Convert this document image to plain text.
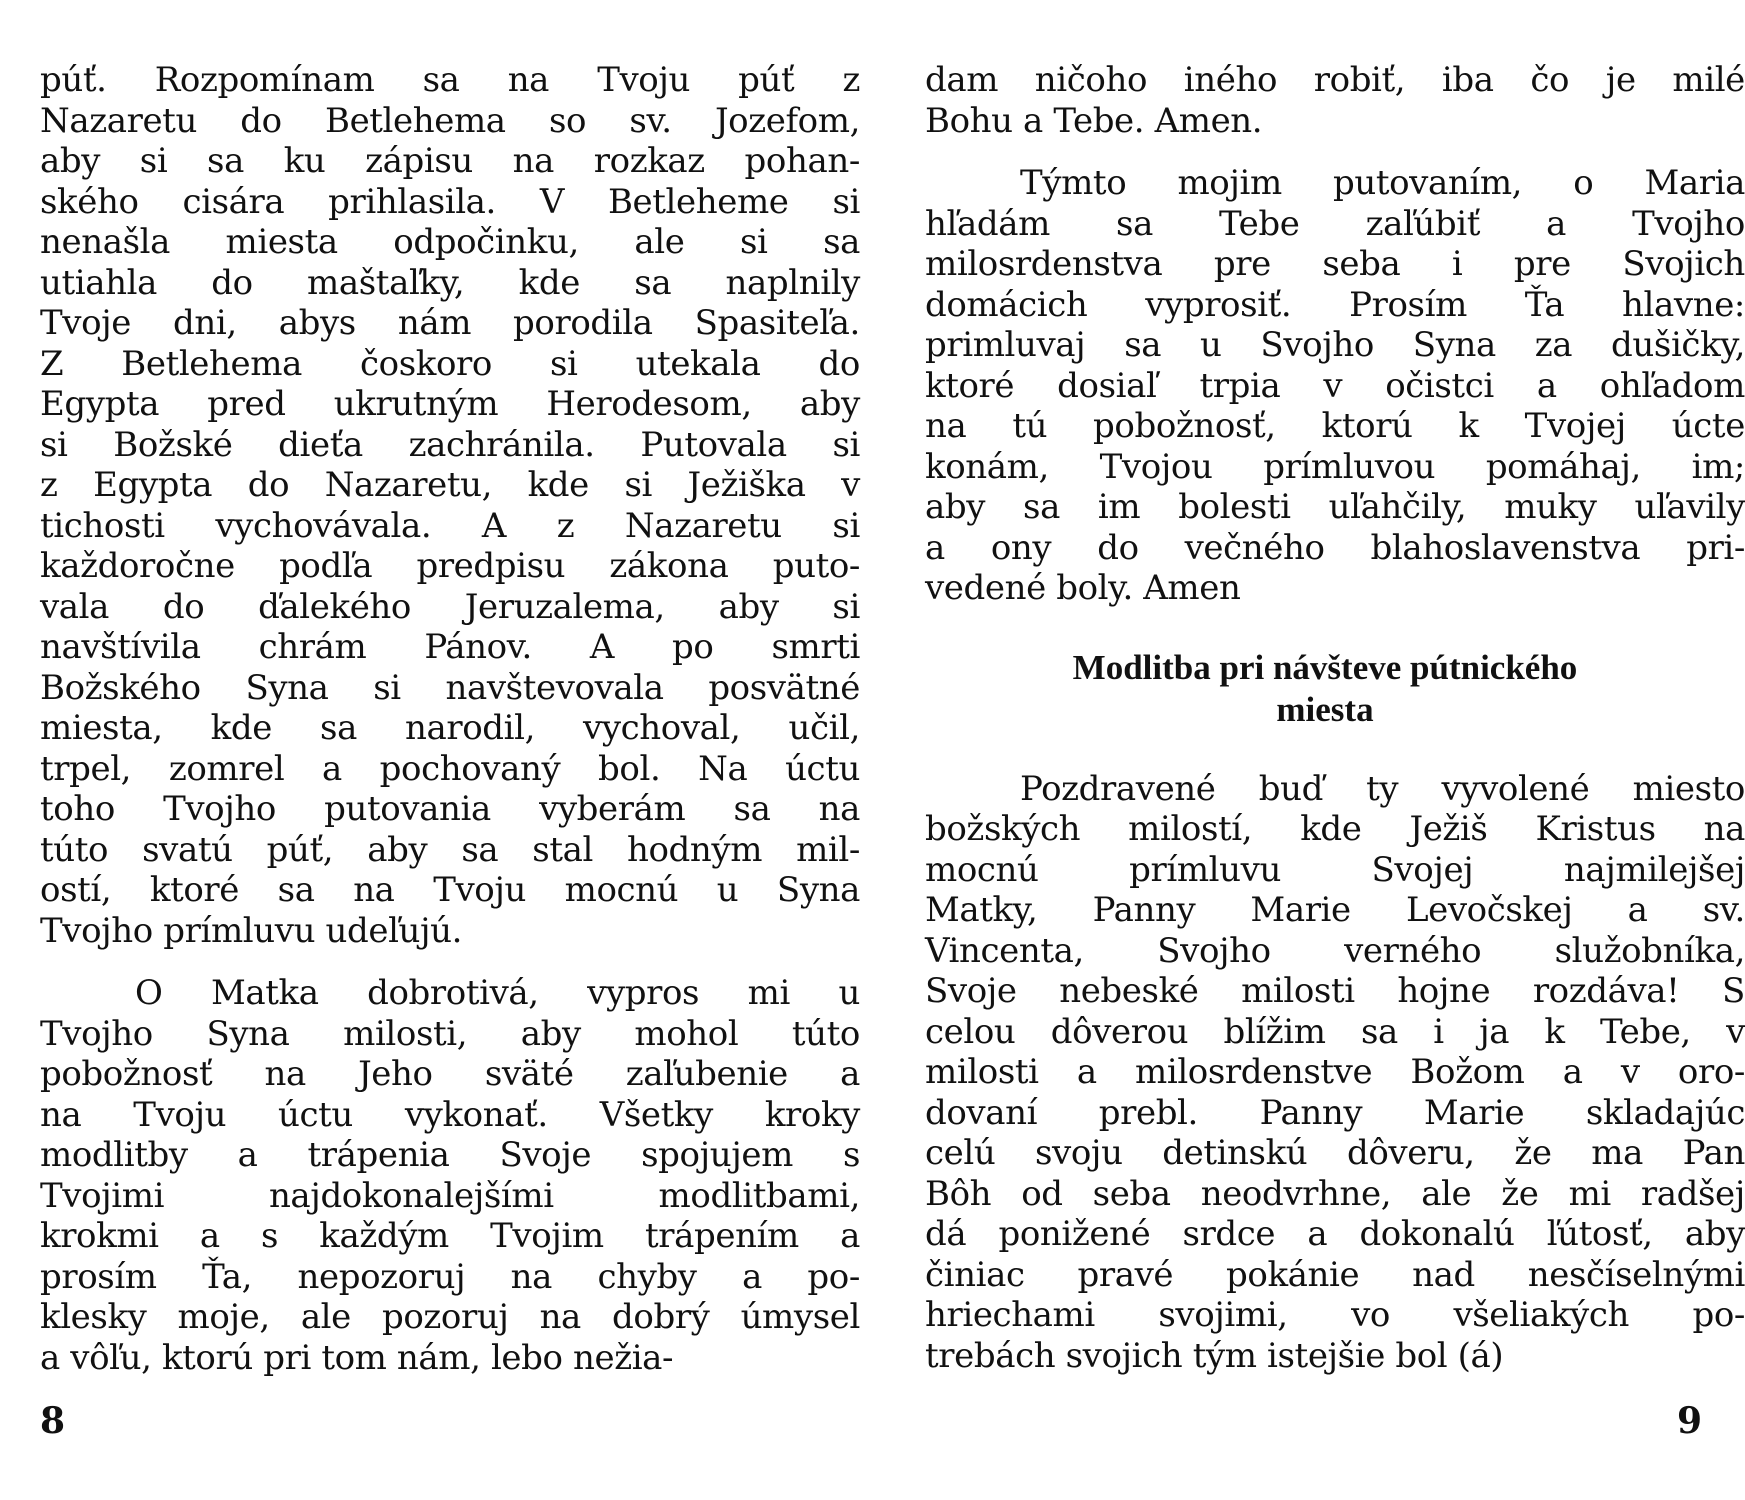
púť. Rozpomínam sa na Tvoju púť z
Nazaretu do Betlehema so sv. Jozefom,
aby si sa ku zápisu na rozkaz pohan-
ského cisára prihlasila. V Betleheme si
nenašla miesta odpočinku, ale si sa
utiahla do maštaľky, kde sa naplnily
Tvoje dni, abys nám porodila Spasiteľa.
Z Betlehema čoskoro si utekala do
Egypta pred ukrutným Herodesom, aby
si Božské dieťa zachránila. Putovala si
z Egypta do Nazaretu, kde si Ježiška v
tichosti vychovávala. A z Nazaretu si
každoročne podľa predpisu zákona puto-
vala do ďalekého Jeruzalema, aby si
navštívila chrám Pánov. A po smrti
Božského Syna si navštevovala posvätné
miesta, kde sa narodil, vychoval, učil,
trpel, zomrel a pochovaný bol. Na úctu
toho Tvojho putovania vyberám sa na
túto svatú púť, aby sa stal hodným mil-
ostí, ktoré sa na Tvoju mocnú u Syna
Tvojho prímluvu udeľujú.
O Matka dobrotivá, vypros mi u
Tvojho Syna milosti, aby mohol túto
pobožnosť na Jeho sväté zaľubenie a
na Tvoju úctu vykonať. Všetky kroky
modlitby a trápenia Svoje spojujem s
Tvojimi	najdokonalejšími	modlitbami,
krokmi a s každým Tvojim trápením a
prosím Ťa, nepozoruj na chyby a po-
klesky moje, ale pozoruj na dobrý úmysel
a vôľu, ktorú pri tom nám, lebo nežia-
dam ničoho iného robiť, iba čo je milé
Bohu a Tebe. Amen.
Týmto mojim putovaním, o Maria
hľadám sa Tebe zaľúbiť a Tvojho
milosrdenstva pre seba i pre Svojich
domácich vyprosiť. Prosím Ťa hlavne:
primluvaj sa u Svojho Syna za dušičky,
ktoré dosiaľ trpia v očistci a ohľadom
na tú pobožnosť, ktorú k Tvojej úcte
konám, Tvojou prímluvou pomáhaj, im;
aby sa im bolesti uľahčily, muky uľavily
a ony do večného blahoslavenstva pri-
vedené boly. Amen
Modlitba pri návšteve pútnického
miesta
Pozdravené buď ty vyvolené miesto
božských milostí, kde Ježiš Kristus na
mocnú	prímluvu	Svojej	najmilejšej
Matky, Panny Marie Levočskej a sv.
Vincenta, Svojho verného služobníka,
Svoje nebeské milosti hojne rozdáva! S
celou dôverou blížim sa i ja k Tebe, v
milosti a milosrdenstve Božom a v oro-
dovaní prebl. Panny Marie skladajúc
celú svoju detinskú dôveru, že ma Pan
Bôh od seba neodvrhne, ale že mi radšej
dá ponižené srdce a dokonalú ľútosť, aby
činiac pravé pokánie nad nesčíselnými
hriechami svojimi, vo všeliakých po-
trebách svojich tým istejšie bol (á)
8	9
